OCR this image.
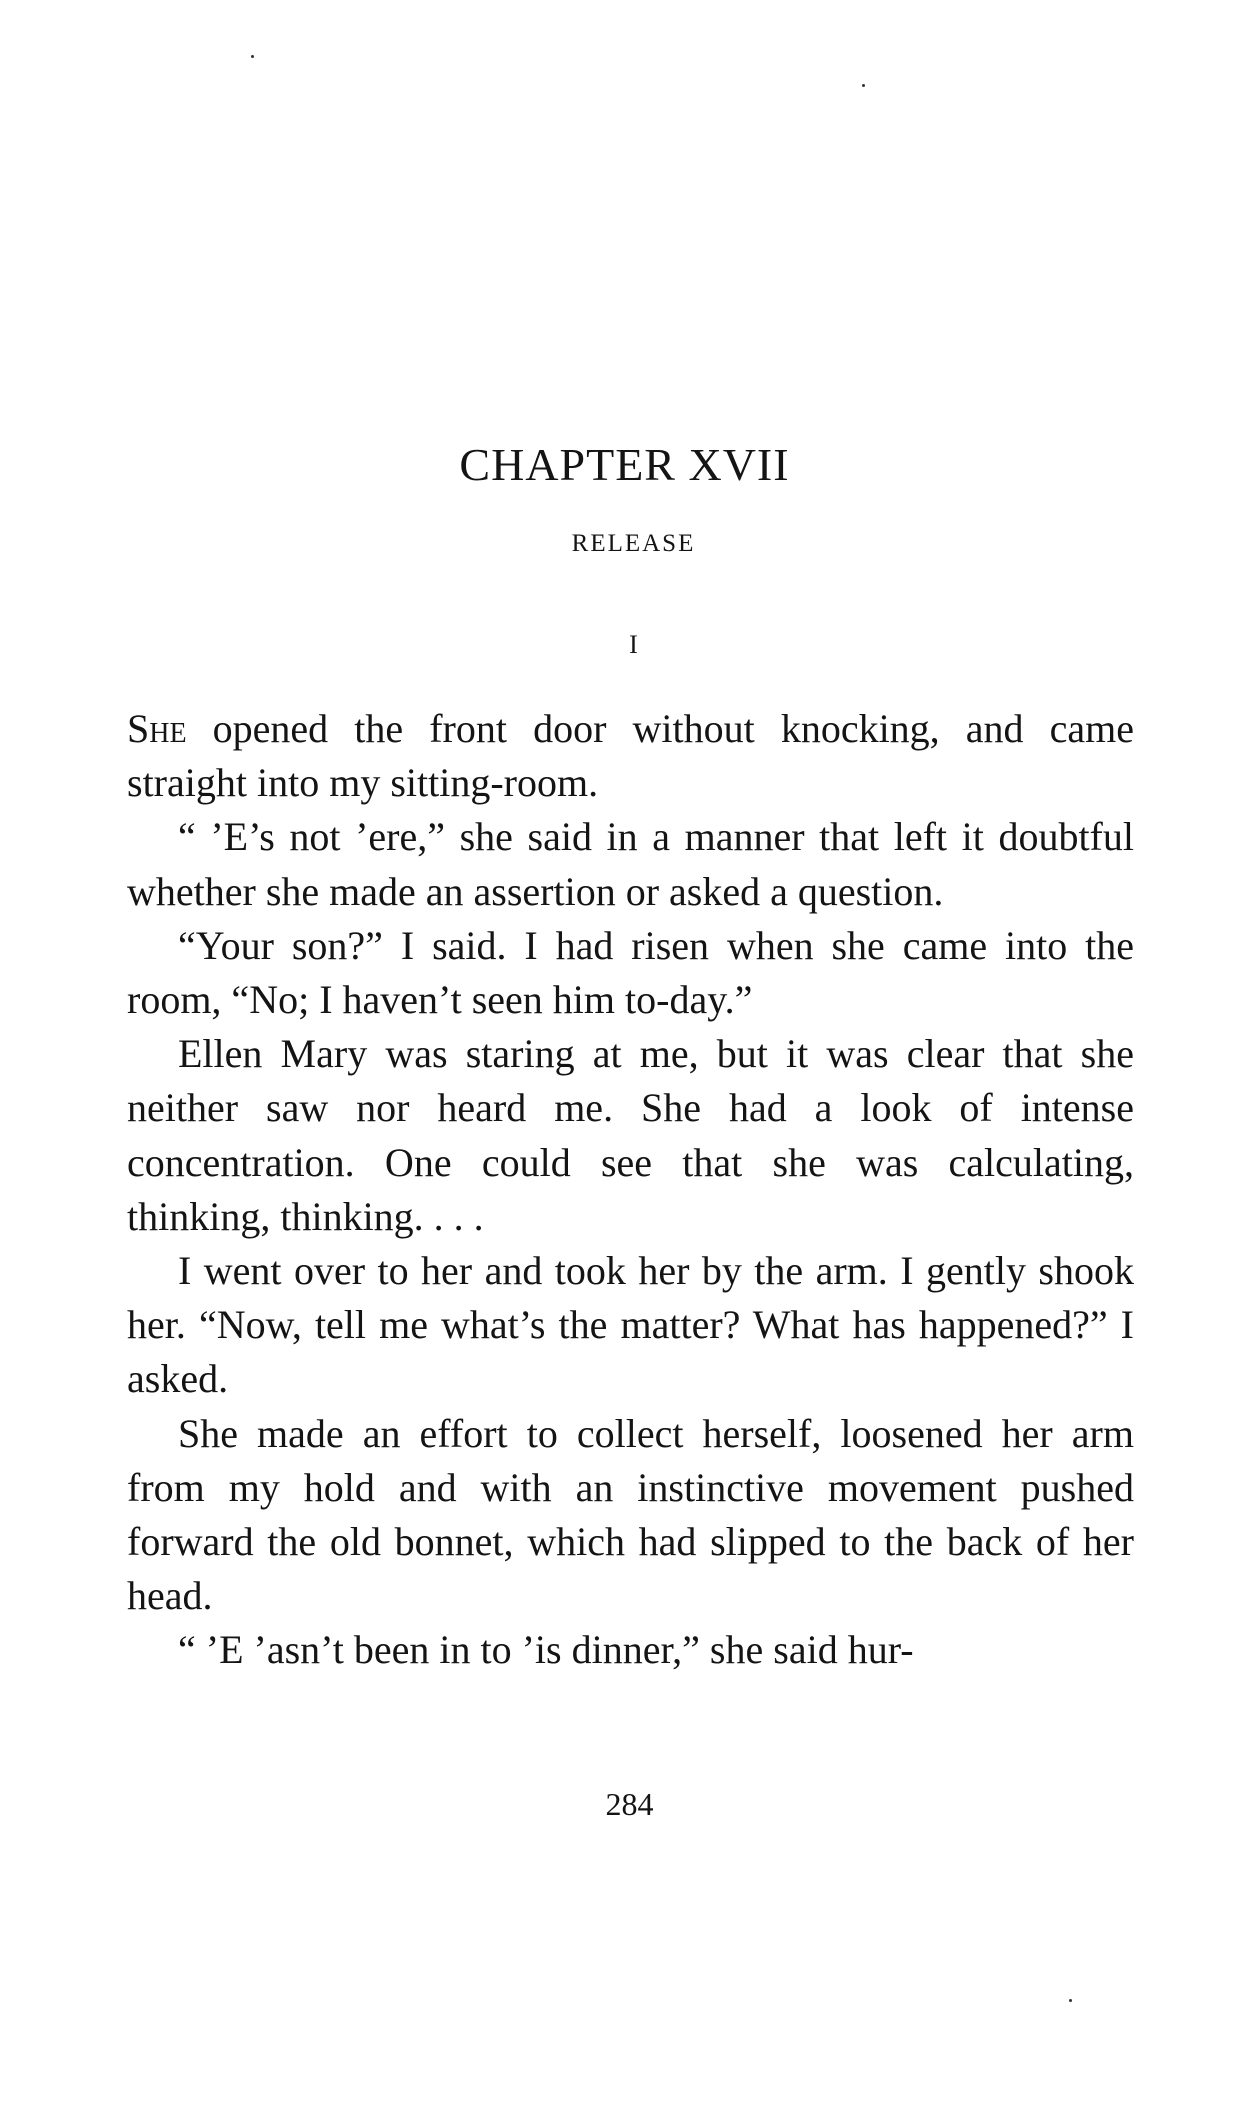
CHAPTER XVII
RELEASE
I

She opened the front door without knocking, and came straight into my sitting-room.

“ ’E’s not ’ere,” she said in a manner that left it doubtful whether she made an assertion or asked a question.

“Your son?” I said. I had risen when she came into the room, “No; I haven’t seen him to-day.”

Ellen Mary was staring at me, but it was clear that she neither saw nor heard me. She had a look of intense concentration. One could see that she was calculating, thinking, thinking. . . .

I went over to her and took her by the arm. I gently shook her. “Now, tell me what’s the matter? What has happened?” I asked.

She made an effort to collect herself, loosened her arm from my hold and with an instinctive movement pushed forward the old bonnet, which had slipped to the back of her head.

“ ’E ’asn’t been in to ’is dinner,” she said hur-

284
